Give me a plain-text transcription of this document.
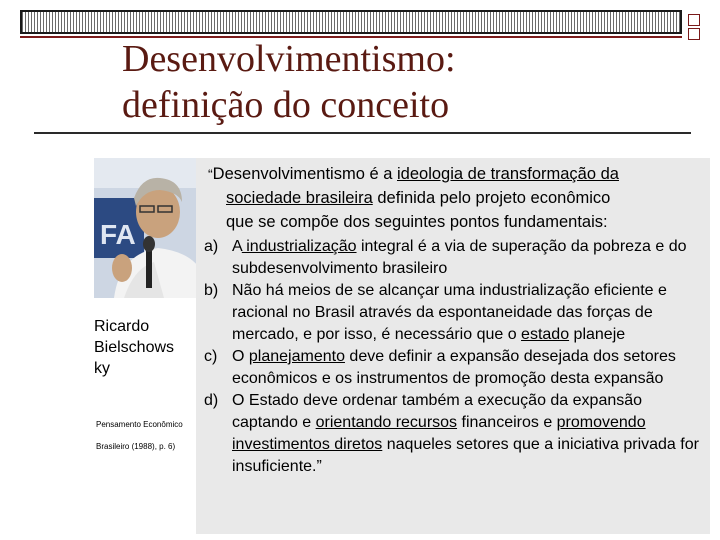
Desenvolvimentismo:
definição do conceito
FA
Ricardo
Bielschows
ky
Pensamento Econômico
Brasileiro (1988), p. 6)

“Desenvolvimentismo é a ideologia de transformação da
sociedade brasileira definida pelo projeto econômico
que se compõe dos seguintes pontos fundamentais:

a) A industrialização integral é a via de superação da pobreza e do subdesenvolvimento brasileiro
b) Não há meios de se alcançar uma industrialização eficiente e racional no Brasil através da espontaneidade das forças de mercado, e por isso, é necessário que o estado planeje
c) O planejamento deve definir a expansão desejada dos setores econômicos e os instrumentos de promoção desta expansão
d) O Estado deve ordenar também a execução da expansão captando e orientando recursos financeiros e promovendo investimentos diretos naqueles setores que a iniciativa privada for insuficiente.”
